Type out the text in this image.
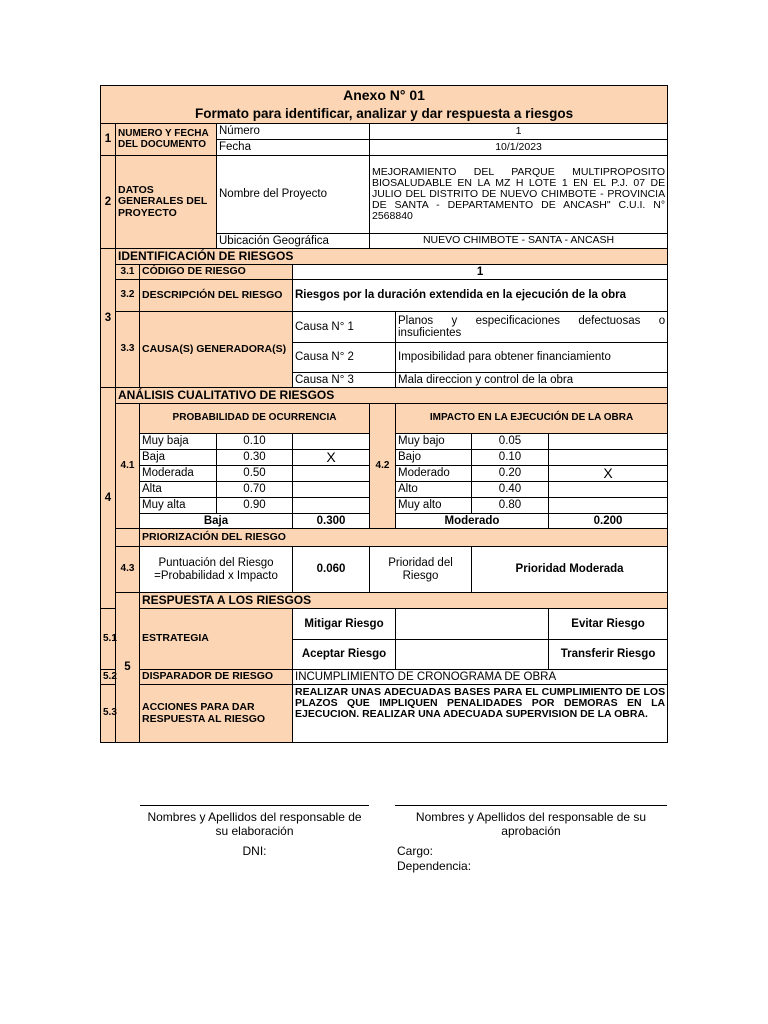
Anexo N° 01									
Formato para identificar, analizar y dar respuesta a riesgos									
1	NUMERO Y FECHA DEL DOCUMENTO		Número		1				
			Fecha		10/1/2023				
2	DATOS GENERALES DEL PROYECTO		Nombre del Proyecto		MEJORAMIENTO DEL PARQUE MULTIPROPOSITO BIOSALUDABLE EN LA MZ H LOTE 1 EN EL P.J. 07 DE JULIO DEL DISTRITO DE NUEVO CHIMBOTE - PROVINCIA DE SANTA - DEPARTAMENTO DE ANCASH" C.U.I. N° 2568840				
			Ubicación Geográfica		NUEVO CHIMBOTE - SANTA - ANCASH				
3	IDENTIFICACIÓN DE RIESGOS								
	3.1	CÓDIGO DE RIESGO		1					
	3.2	DESCRIPCIÓN DEL RIESGO		Riesgos por la duración extendida en la ejecución de la obra					
	3.3	CAUSA(S) GENERADORA(S)		Causa N° 1		Planos y especificaciones defectuosas o insuficientes			
				Causa N° 2		Imposibilidad para obtener financiamiento			
				Causa N° 3		Mala direccion y control de la obra			
4	ANÁLISIS CUALITATIVO DE RIESGOS								
	4.1	PROBABILIDAD DE OCURRENCIA			4.2	IMPACTO EN LA EJECUCIÓN DE LA OBRA			
		Muy baja	0.10			Muy bajo	0.05		
		Baja	0.30	X		Bajo	0.10		
		Moderada	0.50			Moderado	0.20	X	
		Alta	0.70			Alto	0.40		
		Muy alta	0.90			Muy alto	0.80		
		Baja		0.300		Moderado		0.200	
		PRIORIZACIÓN DEL RIESGO							
	4.3	Puntuación del Riesgo =Probabilidad x Impacto		0.060	Prioridad del Riesgo		Prioridad Moderada		
	5	RESPUESTA A LOS RIESGOS							
5.1		ESTRATEGIA		Mitigar Riesgo				Evitar Riesgo	
				Aceptar Riesgo				Transferir Riesgo	
5.2		DISPARADOR DE RIESGO		INCUMPLIMIENTO DE CRONOGRAMA DE OBRA					
5.3		ACCIONES PARA DAR RESPUESTA AL RIESGO		REALIZAR UNAS ADECUADAS BASES PARA EL CUMPLIMIENTO DE LOS PLAZOS QUE IMPLIQUEN PENALIDADES POR DEMORAS EN LA EJECUCION. REALIZAR UNA ADECUADA SUPERVISION DE LA OBRA.					
Nombres y Apellidos del responsable de su elaboración
DNI:
Nombres y Apellidos del responsable de su aprobación
Cargo:
Dependencia:
